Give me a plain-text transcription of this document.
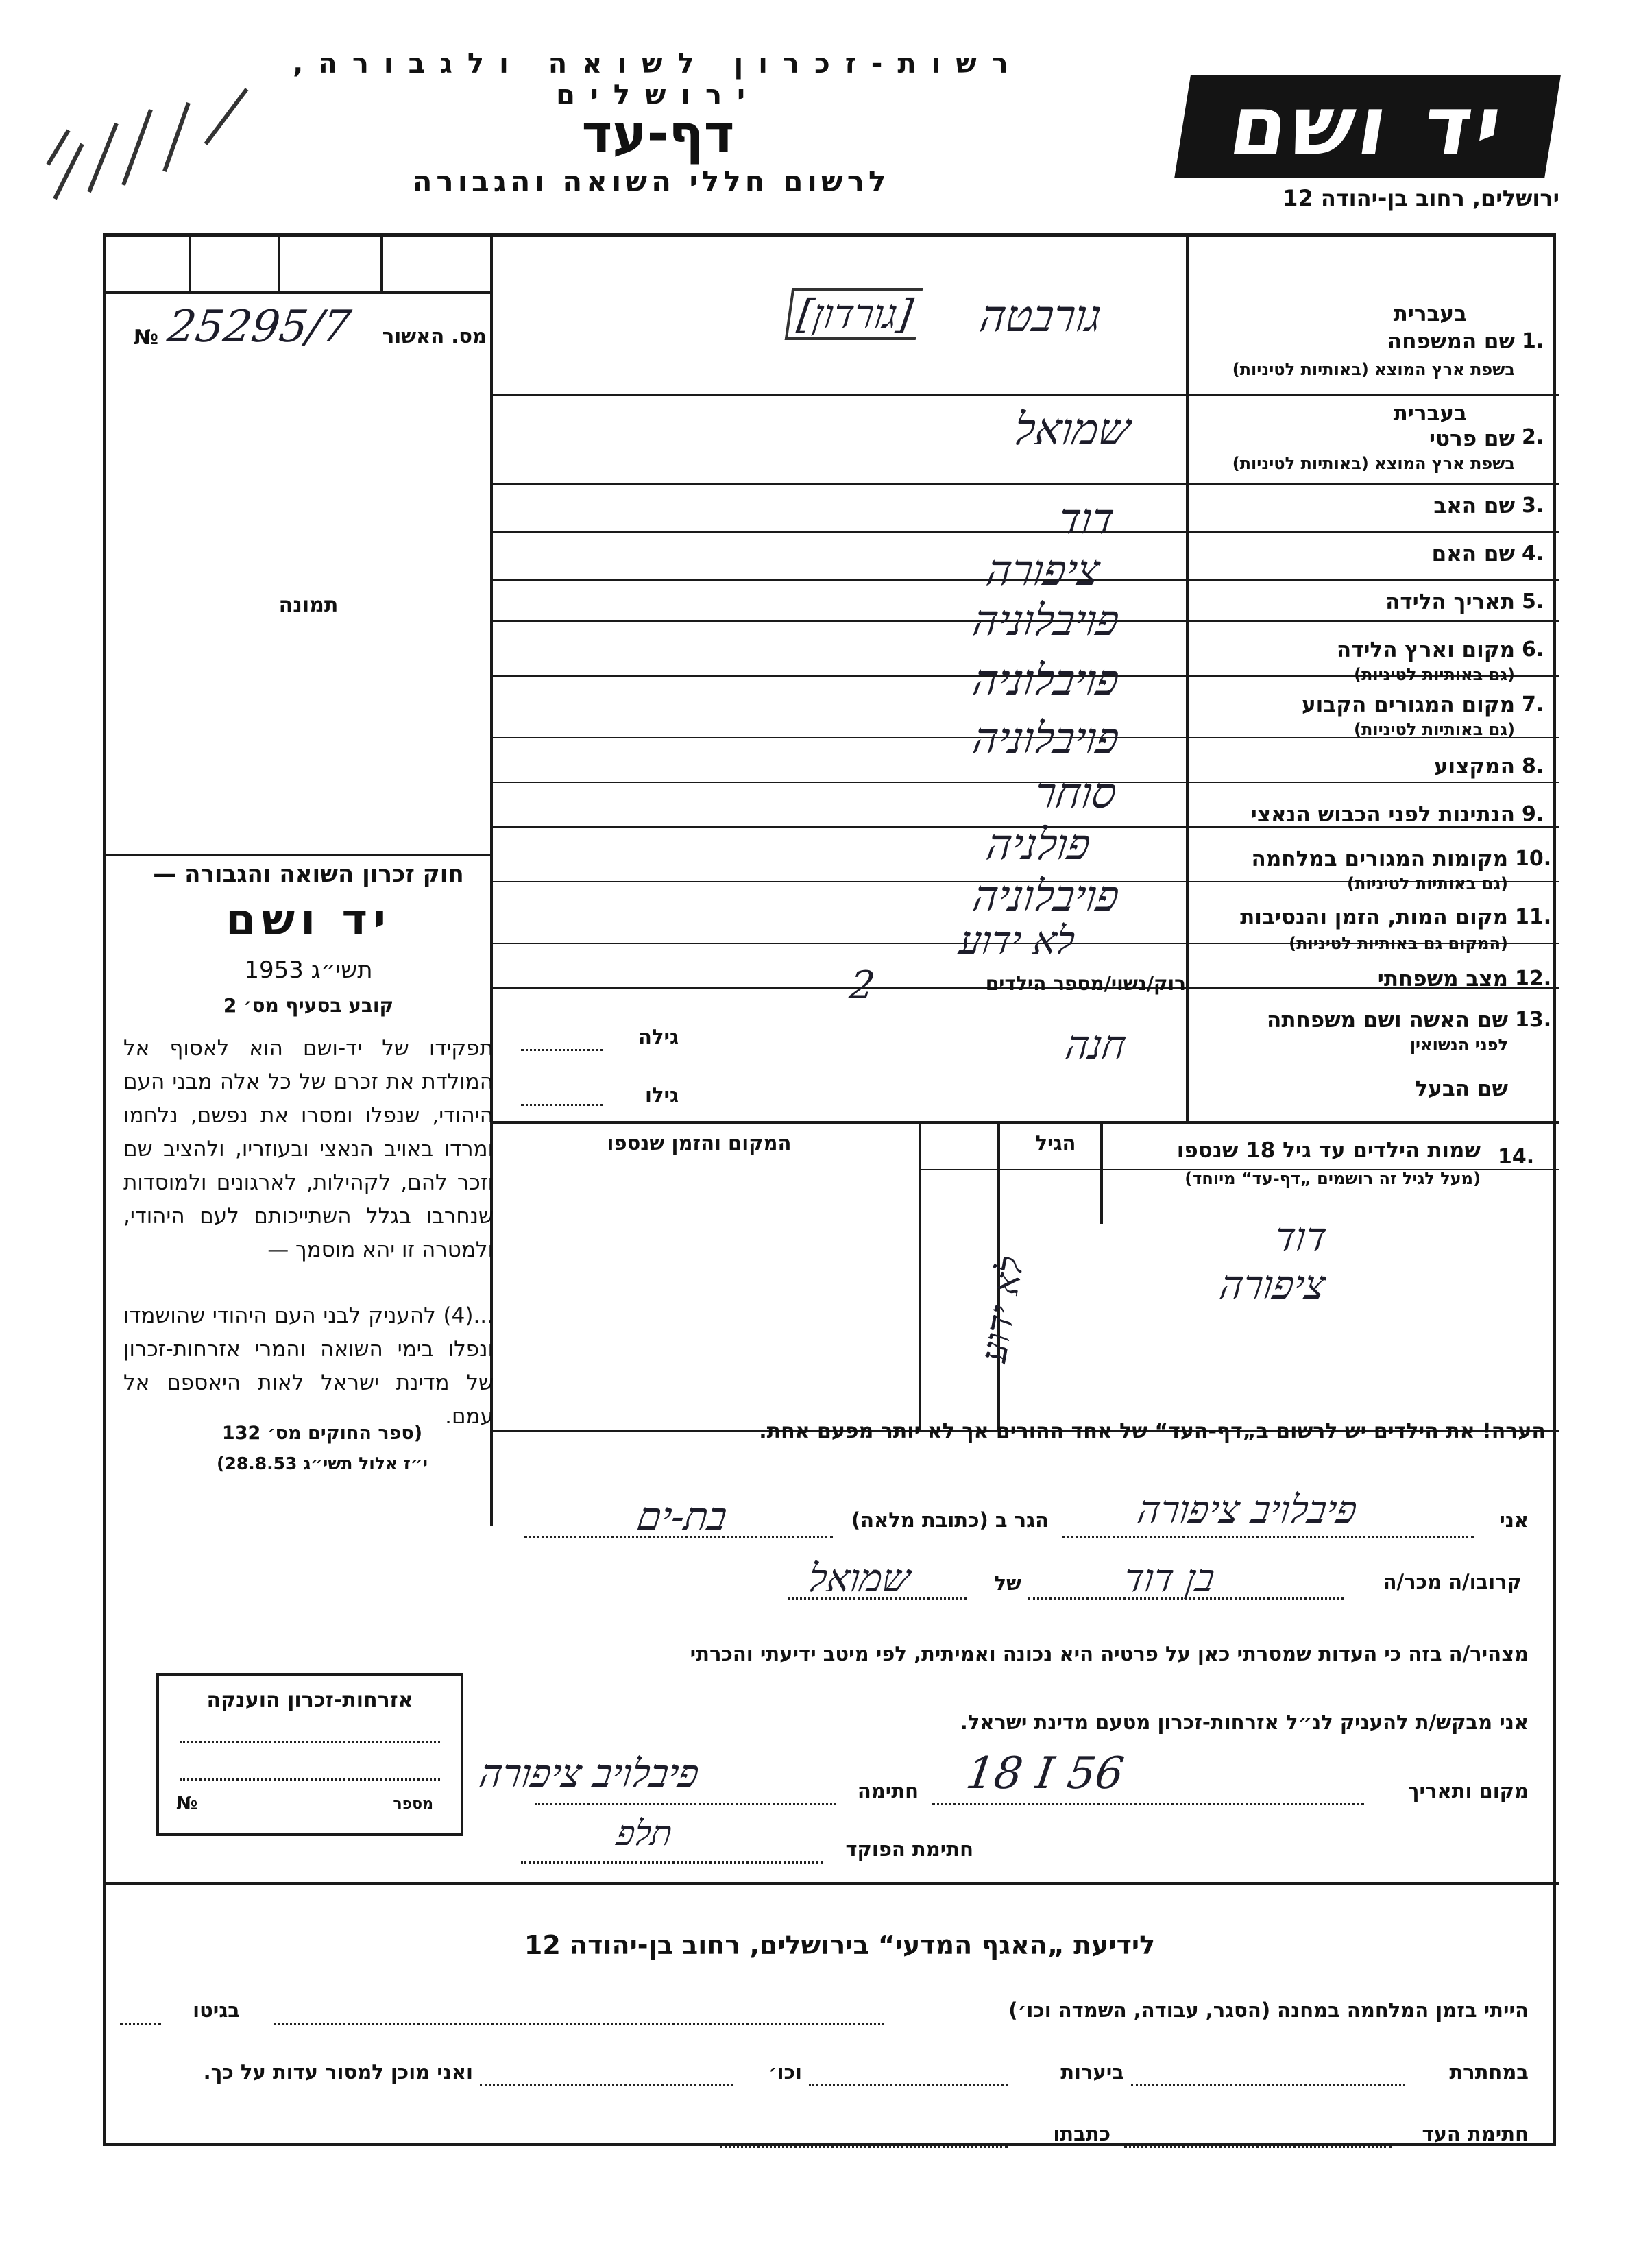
רשות-זכרון לשואה ולגבורה, ירושלים	יד ושם
דף-עד
לרשום חללי השואה והגבורה	ירושלים, רחוב בן-יהודה 12
מס. האשור
№ 25295/7
תמונה
חוק זכרון השואה והגבורה —
יד ושם
תשי״ג 1953
קובע בסעיף מס׳ 2
תפקידו של יד-ושם הוא לאסוף אל המולדת את זכרם של כל אלה מבני העם היהודי, שנפלו ומסרו את נפשם, נלחמו ומרדו באויב הנאצי ובעוזריו, ולהציב שם וזכר להם, לקהילות, לארגונים ולמוסדות שנחרבו בגלל השתייכותם לעם היהודי, ולמטרה זו יהא מוסמך —
...(4) להעניק לבני העם היהודי שהושמדו ונפלו בימי השואה והמרי אזרחות-זכרון של מדינת ישראל לאות היאספם אל עמם.
(ספר החוקים מס׳ 132
י״ז אלול תשי״ג 28.8.53)
1.
בעברית
שם המשפחה
בשפת ארץ המוצא (באותיות לטיניות)
2.
בעברית
שם פרטי
בשפת ארץ המוצא (באותיות לטיניות)
3.
שם האב
4.
שם האם
5.
תאריך הלידה
6.
מקום וארץ הלידה
(גם באותיות לטיניות)
7.
מקום המגורים הקבוע
(גם באותיות לטיניות)
8.
המקצוע
9.
הנתינות לפני הכבוש הנאצי
10.
מקומות המגורים במלחמה
(גם באותיות לטיניות)
11.
מקום המות, הזמן והנסיבות
(המקום גם באותיות לטיניות)
12.
מצב משפחתי
רוק/נשוי/מספר הילדים
13.
שם האשה ושם משפחתה
לפני הנשואין
שם הבעל
גילה
גילו
14.
שמות הילדים עד גיל 18 שנספו
(מעל לגיל זה רושמים „דף-עד“ מיוחד)
הגיל
המקום והזמן שנספו
גורבטה
[גורדון]
שמואל
דוד
ציפורה
פויבלוניה
פויבלוניה
פויבלוניה
סוחר
פולניה
פויבלוניה
לא ידוע
2
חנה
דוד
ציפורה
לא ידוע
הערה! את הילדים יש לרשום ב„דף-העד“ של אחד ההורים אך לא יותר מפעם אחת.
אני
פיבלויב ציפורה
הגר ב (כתובת מלאה)
בת-ים
קרובו/ה מכר/ה
בן דוד
של
שמואל
מצהיר/ה בזה כי העדות שמסרתי כאן על פרטיה היא נכונה ואמיתית, לפי מיטב ידיעתי והכרתי
אני מבקש/ת להעניק לנ״ל אזרחות-זכרון מטעם מדינת ישראל.
מקום ותאריך
18 I 56
חתימה
פיבלויב ציפורה
חתימת הפוקד
תלפ
אזרחות-זכרון הוענקה
מספר
№
לידיעת „האגף המדעי“ בירושלים, רחוב בן-יהודה 12
הייתי בזמן המלחמה במחנה (הסגר, עבודה, השמדה וכו׳)
בגיטו
במחתרת
ביערות
וכו׳
ואני מוכן למסור עדות על כך.
חתימת העד
כתבתו
